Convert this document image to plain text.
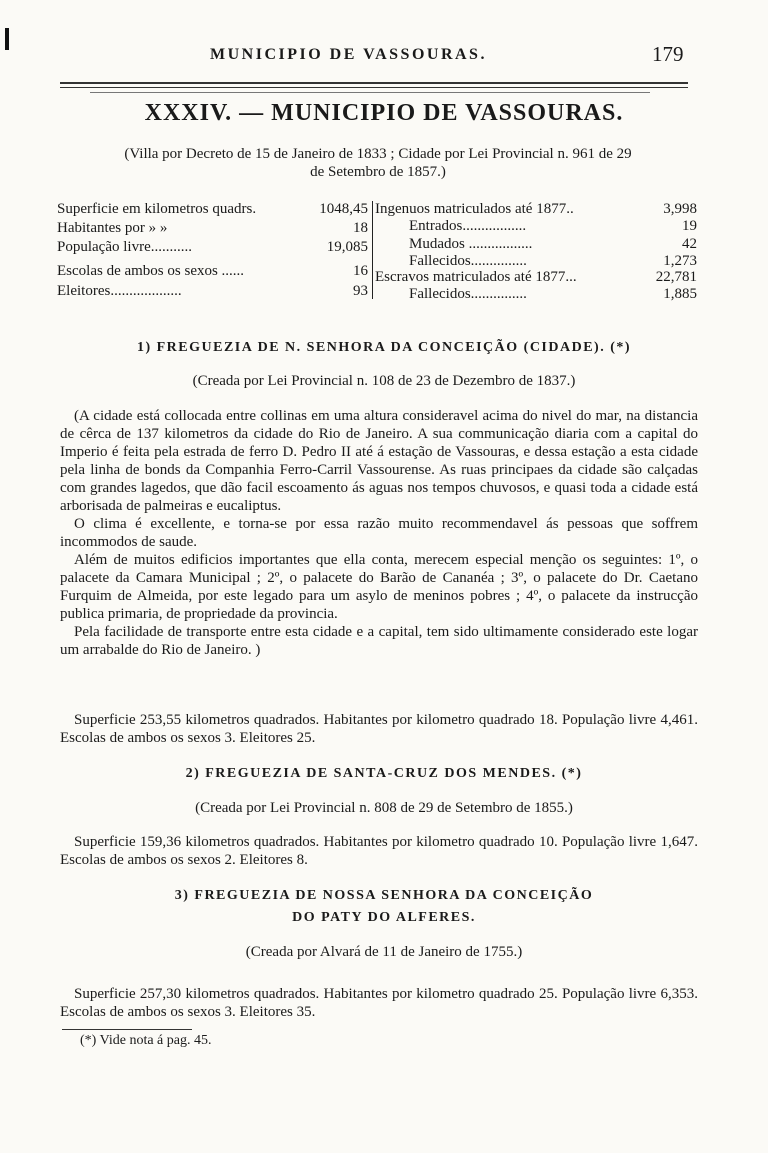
MUNICIPIO DE VASSOURAS.	179
XXXIV. — MUNICIPIO DE VASSOURAS.
(Villa por Decreto de 15 de Janeiro de 1833 ; Cidade por Lei Provincial n. 961 de 29
de Setembro de 1857.)
Superficie em kilometros quadrs.	1048,45
Habitantes por » »	18
População livre...........	19,085
Escolas de ambos os sexos ......	16
Eleitores...................	93
Ingenuos matriculados até 1877..	3,998
Entrados.................	19
Mudados .................	42
Fallecidos...............	1,273
Escravos matriculados até 1877...	22,781
Fallecidos...............	1,885
1) FREGUEZIA DE N. SENHORA DA CONCEIÇÃO (CIDADE). (*)
(Creada por Lei Provincial n. 108 de 23 de Dezembro de 1837.)

(A cidade está collocada entre collinas em uma altura consideravel acima do nivel do mar, na distancia de cêrca de 137 kilometros da cidade do Rio de Janeiro. A sua communicação diaria com a capital do Imperio é feita pela estrada de ferro D. Pedro II até á estação de Vassouras, e dessa estação a esta cidade pela linha de bonds da Companhia Ferro-Carril Vassourense. As ruas principaes da cidade são calçadas com grandes lagedos, que dão facil escoamento ás aguas nos tempos chuvosos, e quasi toda a cidade está arborisada de palmeiras e eucaliptus.

O clima é excellente, e torna-se por essa razão muito recommendavel ás pessoas que soffrem incommodos de saude.

Além de muitos edificios importantes que ella conta, merecem especial menção os seguintes: 1º, o palacete da Camara Municipal ; 2º, o palacete do Barão de Cananéa ; 3º, o palacete do Dr. Caetano Furquim de Almeida, por este legado para um asylo de meninos pobres ; 4º, o palacete da instrucção publica primaria, de propriedade da provincia.

Pela facilidade de transporte entre esta cidade e a capital, tem sido ultimamente considerado este logar um arrabalde do Rio de Janeiro. )

Superficie 253,55 kilometros quadrados. Habitantes por kilometro quadrado 18. População livre 4,461. Escolas de ambos os sexos 3. Eleitores 25.

2) FREGUEZIA DE SANTA-CRUZ DOS MENDES. (*)
(Creada por Lei Provincial n. 808 de 29 de Setembro de 1855.)

Superficie 159,36 kilometros quadrados. Habitantes por kilometro quadrado 10. População livre 1,647. Escolas de ambos os sexos 2. Eleitores 8.

3) FREGUEZIA DE NOSSA SENHORA DA CONCEIÇÃO
DO PATY DO ALFERES.
(Creada por Alvará de 11 de Janeiro de 1755.)

Superficie 257,30 kilometros quadrados. Habitantes por kilometro quadrado 25. População livre 6,353. Escolas de ambos os sexos 3. Eleitores 35.

(*) Vide nota á pag. 45.
